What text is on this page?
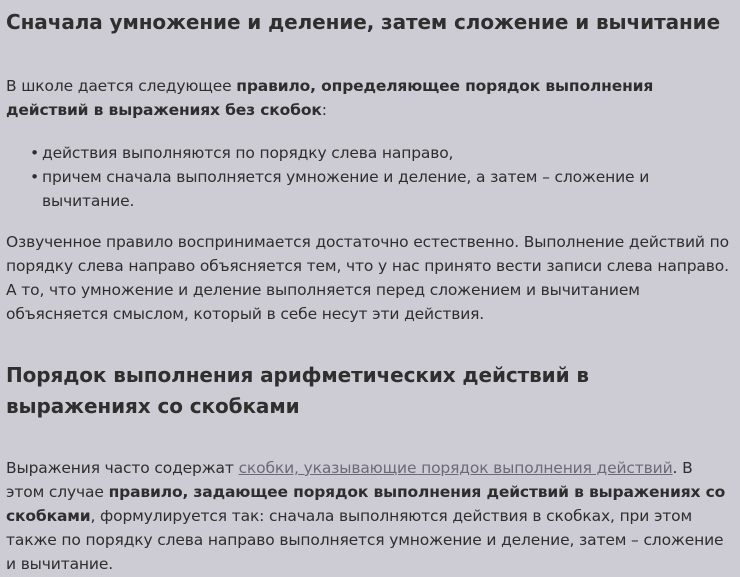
Сначала умножение и деление, затем сложение и вычитание

В школе дается следующее правило, определяющее порядок выполнения действий в выражениях без скобок:

• действия выполняются по порядку слева направо,
• причем сначала выполняется умножение и деление, а затем – сложение и вычитание.

Озвученное правило воспринимается достаточно естественно. Выполнение действий по порядку слева направо объясняется тем, что у нас принято вести записи слева направо. А то, что умножение и деление выполняется перед сложением и вычитанием объясняется смыслом, который в себе несут эти действия.

Порядок выполнения арифметических действий в выражениях со скобками

Выражения часто содержат скобки, указывающие порядок выполнения действий. В этом случае правило, задающее порядок выполнения действий в выражениях со скобками, формулируется так: сначала выполняются действия в скобках, при этом также по порядку слева направо выполняется умножение и деление, затем – сложение и вычитание.
